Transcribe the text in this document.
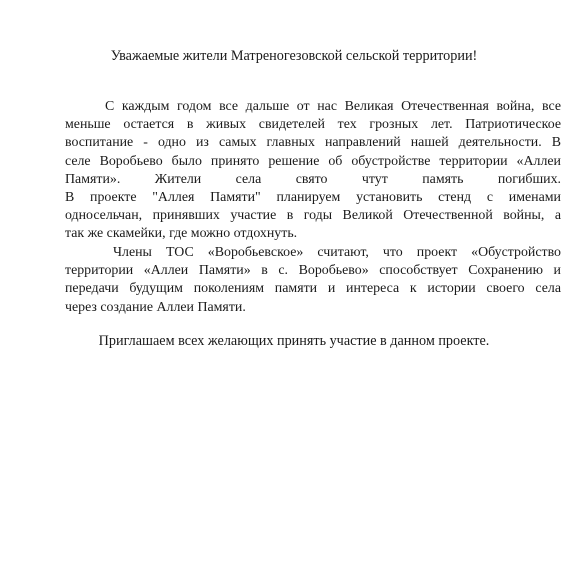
Уважаемые жители Матреногезовской сельской территории!
С каждым годом все дальше от нас Великая Отечественная война, все
меньше остается в живых свидетелей тех грозных лет. Патриотическое
воспитание - одно из самых главных направлений нашей деятельности. В
селе Воробьево было принято решение об обустройстве территории «Аллеи
Памяти». Жители села свято чтут память погибших.
В проекте "Аллея Памяти" планируем установить стенд с именами
односельчан, принявших участие в годы Великой Отечественной войны, а
так же скамейки, где можно отдохнуть.
Члены ТОС «Воробьевское» считают, что проект «Обустройство
территории «Аллеи Памяти» в с. Воробьево» способствует Сохранению и
передачи будущим поколениям памяти и интереса к истории своего села
через создание Аллеи Памяти.

Приглашаем всех желающих принять участие в данном проекте.
